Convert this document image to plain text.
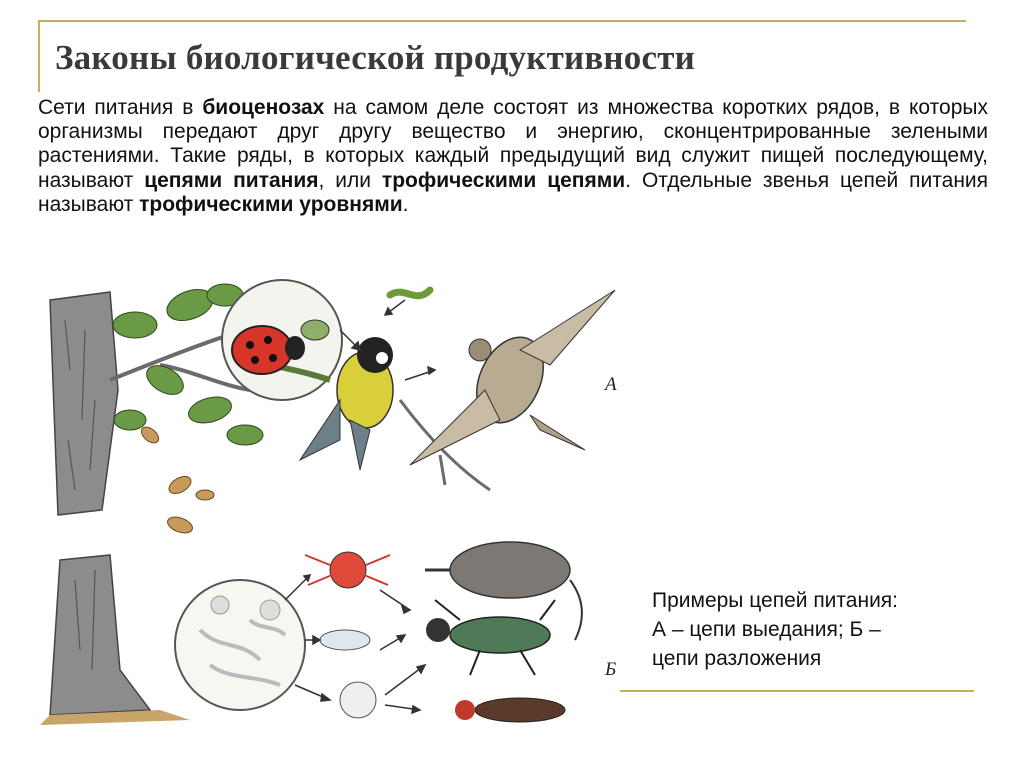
Законы биологической продуктивности

Сети питания в биоценозах на самом деле состоят из множества коротких рядов, в которых организмы передают друг другу вещество и энергию, сконцентрированные зелеными растениями. Такие ряды, в которых каждый предыдущий вид служит пищей последующему, называют цепями питания, или трофическими цепями. Отдельные звенья цепей питания называют трофическими уровнями.

А
Б
Примеры цепей питания:
А – цепи выедания; Б –
цепи разложения
